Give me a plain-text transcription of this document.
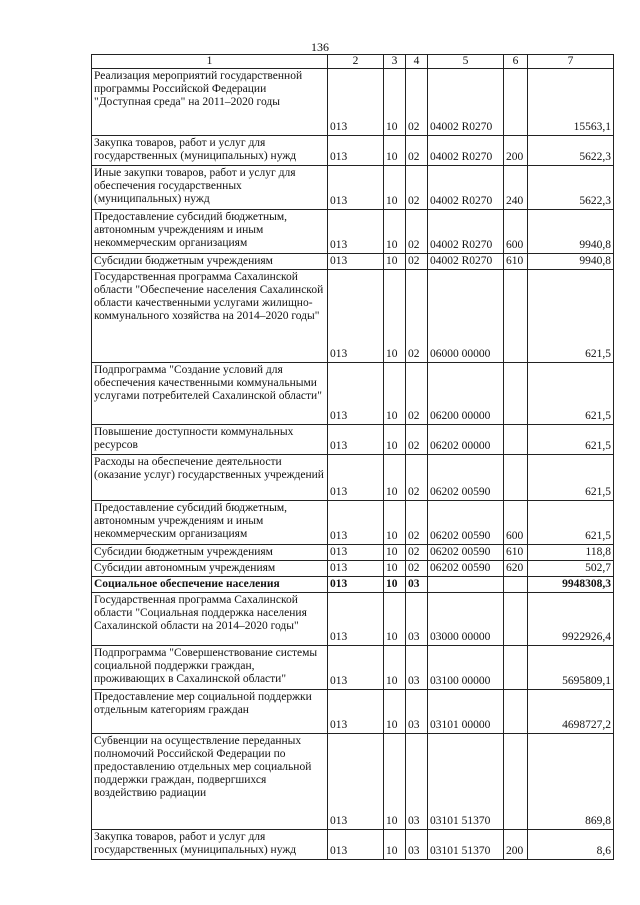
136
1	2	3	4	5	6	7
Реализация мероприятий государственной программы Российской Федерации "Доступная среда" на 2011–2020 годы	013	10	02	04002 R0270		15563,1
Закупка товаров, работ и услуг для государственных (муниципальных) нужд	013	10	02	04002 R0270	200	5622,3
Иные закупки товаров, работ и услуг для обеспечения государственных (муниципальных) нужд	013	10	02	04002 R0270	240	5622,3
Предоставление субсидий бюджетным, автономным учреждениям и иным некоммерческим организациям	013	10	02	04002 R0270	600	9940,8
Субсидии бюджетным учреждениям	013	10	02	04002 R0270	610	9940,8
Государственная программа Сахалинской области "Обеспечение населения Сахалинской области качественными услугами жилищно-коммунального хозяйства на 2014–2020 годы"	013	10	02	06000 00000		621,5
Подпрограмма "Создание условий для обеспечения качественными коммунальными услугами потребителей Сахалинской области"	013	10	02	06200 00000		621,5
Повышение доступности коммунальных ресурсов	013	10	02	06202 00000		621,5
Расходы на обеспечение деятельности (оказание услуг) государственных учреждений	013	10	02	06202 00590		621,5
Предоставление субсидий бюджетным, автономным учреждениям и иным некоммерческим организациям	013	10	02	06202 00590	600	621,5
Субсидии бюджетным учреждениям	013	10	02	06202 00590	610	118,8
Субсидии автономным учреждениям	013	10	02	06202 00590	620	502,7
Социальное обеспечение населения	013	10	03			9948308,3
Государственная программа Сахалинской области "Социальная поддержка населения Сахалинской области на 2014–2020 годы"	013	10	03	03000 00000		9922926,4
Подпрограмма "Совершенствование системы социальной поддержки граждан, проживающих в Сахалинской области"	013	10	03	03100 00000		5695809,1
Предоставление мер социальной поддержки отдельным категориям граждан	013	10	03	03101 00000		4698727,2
Субвенции на осуществление переданных полномочий Российской Федерации по предоставлению отдельных мер социальной поддержки граждан, подвергшихся воздействию радиации	013	10	03	03101 51370		869,8
Закупка товаров, работ и услуг для государственных (муниципальных) нужд	013	10	03	03101 51370	200	8,6
